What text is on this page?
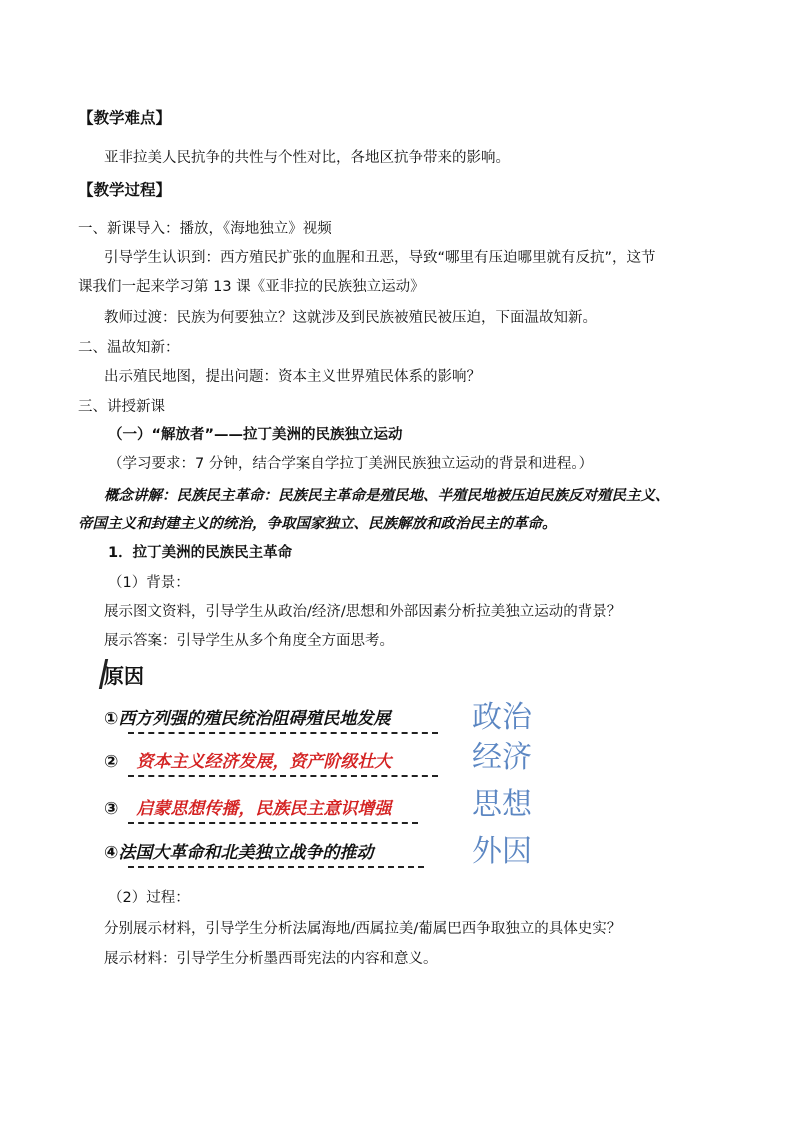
【教学难点】
亚非拉美人民抗争的共性与个性对比，各地区抗争带来的影响。
【教学过程】
一、新课导入：播放，《海地独立》视频
引导学生认识到：西方殖民扩张的血腥和丑恶，导致“哪里有压迫哪里就有反抗”，这节
课我们一起来学习第 13 课《亚非拉的民族独立运动》
教师过渡：民族为何要独立？这就涉及到民族被殖民被压迫，下面温故知新。
二、温故知新：
出示殖民地图，提出问题：资本主义世界殖民体系的影响？
三、讲授新课
（一）“解放者”——拉丁美洲的民族独立运动
（学习要求：7 分钟，结合学案自学拉丁美洲民族独立运动的背景和进程。）
概念讲解：民族民主革命：民族民主革命是殖民地、半殖民地被压迫民族反对殖民主义、
帝国主义和封建主义的统治，争取国家独立、民族解放和政治民主的革命。
1．拉丁美洲的民族民主革命
（1）背景：
展示图文资料，引导学生从政治/经济/思想和外部因素分析拉美独立运动的背景？
展示答案：引导学生从多个角度全方面思考。
原因
①西方列强的殖民统治阻碍殖民地发展	政治
② 资本主义经济发展，资产阶级壮大	经济
③ 启蒙思想传播，民族民主意识增强	思想
④法国大革命和北美独立战争的推动	外因
（2）过程：
分别展示材料，引导学生分析法属海地/西属拉美/葡属巴西争取独立的具体史实？
展示材料：引导学生分析墨西哥宪法的内容和意义。
